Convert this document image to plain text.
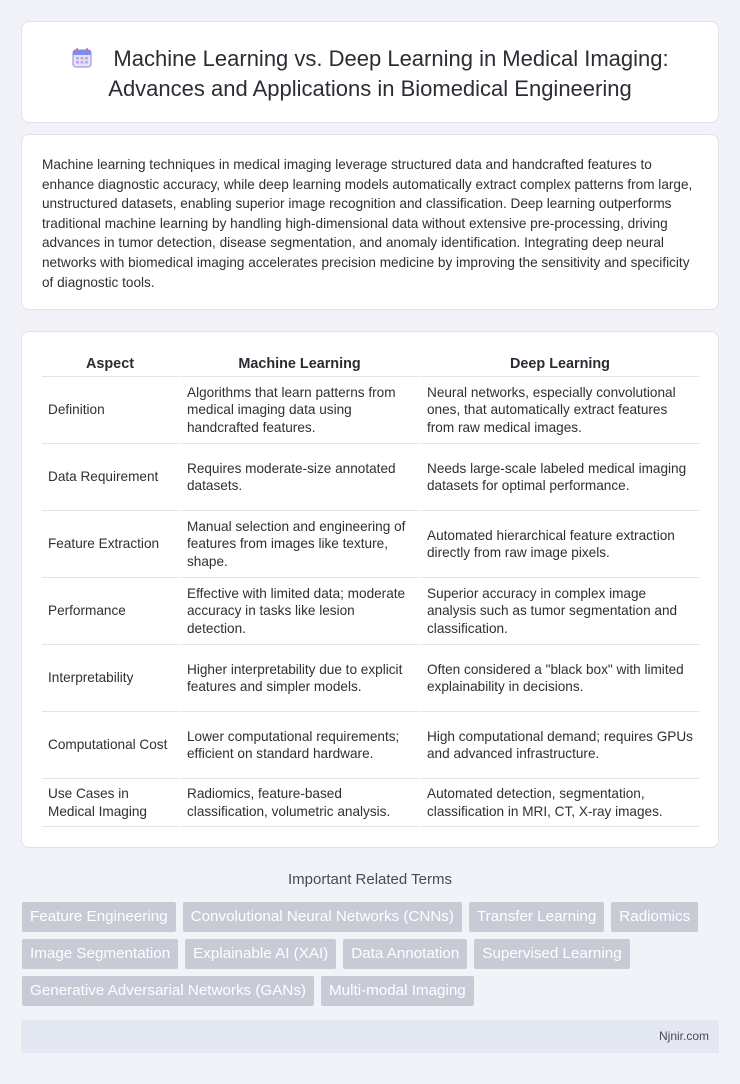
Machine Learning vs. Deep Learning in Medical Imaging:
Advances and Applications in Biomedical Engineering

Machine learning techniques in medical imaging leverage structured data and handcrafted features to enhance diagnostic accuracy, while deep learning models automatically extract complex patterns from large, unstructured datasets, enabling superior image recognition and classification. Deep learning outperforms traditional machine learning by handling high-dimensional data without extensive pre-processing, driving advances in tumor detection, disease segmentation, and anomaly identification. Integrating deep neural networks with biomedical imaging accelerates precision medicine by improving the sensitivity and specificity of diagnostic tools.

Aspect	Machine Learning	Deep Learning
Definition	Algorithms that learn patterns from medical imaging data using handcrafted features.	Neural networks, especially convolutional ones, that automatically extract features from raw medical images.
Data Requirement	Requires moderate-size annotated datasets.	Needs large-scale labeled medical imaging datasets for optimal performance.
Feature Extraction	Manual selection and engineering of features from images like texture, shape.	Automated hierarchical feature extraction directly from raw image pixels.
Performance	Effective with limited data; moderate accuracy in tasks like lesion detection.	Superior accuracy in complex image analysis such as tumor segmentation and classification.
Interpretability	Higher interpretability due to explicit features and simpler models.	Often considered a "black box" with limited explainability in decisions.
Computational Cost	Lower computational requirements; efficient on standard hardware.	High computational demand; requires GPUs and advanced infrastructure.
Use Cases in Medical Imaging	Radiomics, feature-based classification, volumetric analysis.	Automated detection, segmentation, classification in MRI, CT, X-ray images.
Important Related Terms
Feature Engineering	Convolutional Neural Networks (CNNs)	Transfer Learning	Radiomics
Image Segmentation	Explainable AI (XAI)	Data Annotation	Supervised Learning
Generative Adversarial Networks (GANs)	Multi-modal Imaging
Njnir.com
